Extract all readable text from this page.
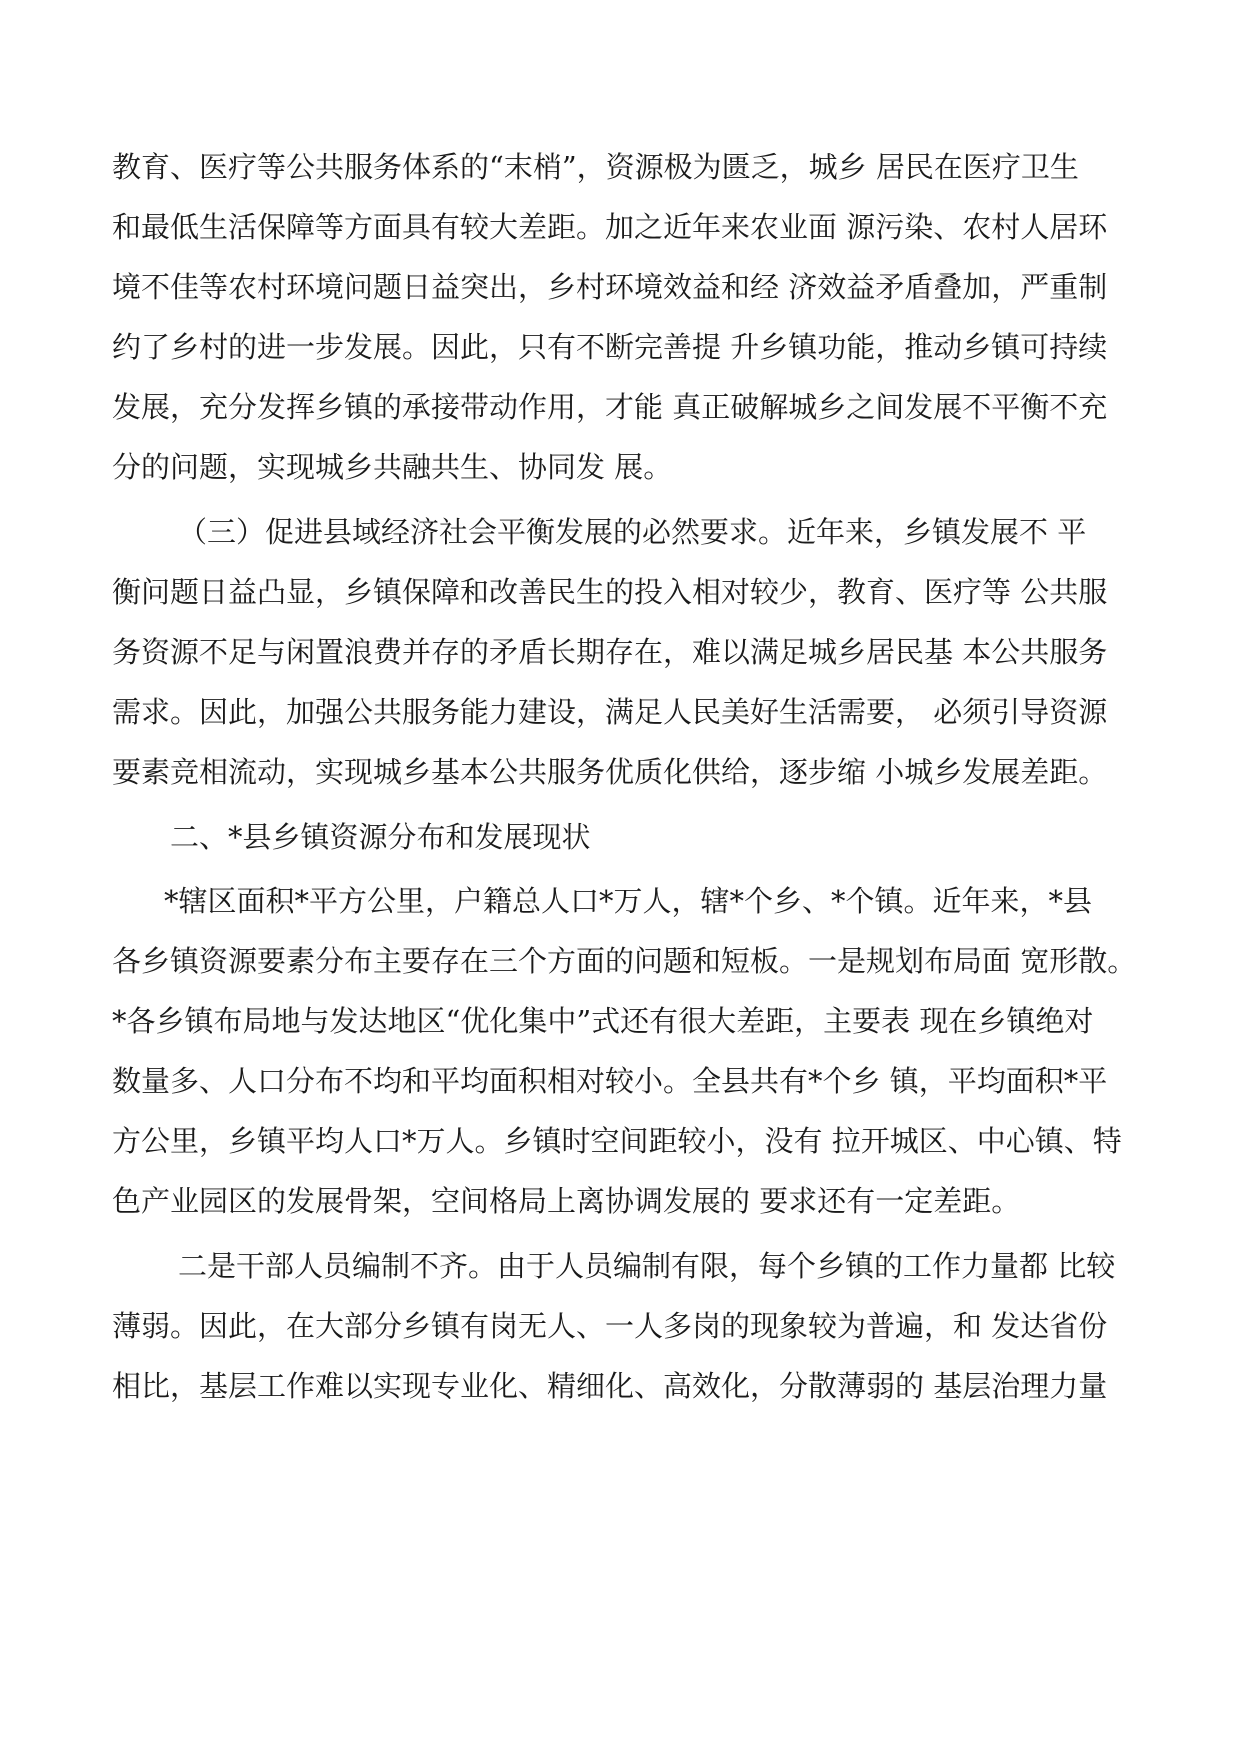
教育、医疗等公共服务体系的“末梢”，资源极为匮乏，城乡 居民在医疗卫生
和最低生活保障等方面具有较大差距。加之近年来农业面 源污染、农村人居环
境不佳等农村环境问题日益突出，乡村环境效益和经 济效益矛盾叠加，严重制
约了乡村的进一步发展。因此，只有不断完善提 升乡镇功能，推动乡镇可持续
发展，充分发挥乡镇的承接带动作用，才能 真正破解城乡之间发展不平衡不充
分的问题，实现城乡共融共生、协同发 展。
（三）促进县域经济社会平衡发展的必然要求。近年来，乡镇发展不 平
衡问题日益凸显，乡镇保障和改善民生的投入相对较少，教育、医疗等 公共服
务资源不足与闲置浪费并存的矛盾长期存在，难以满足城乡居民基 本公共服务
需求。因此，加强公共服务能力建设，满足人民美好生活需要， 必须引导资源
要素竞相流动，实现城乡基本公共服务优质化供给，逐步缩 小城乡发展差距。
二、*县乡镇资源分布和发展现状
*辖区面积*平方公里，户籍总人口*万人，辖*个乡、*个镇。近年来，*县
各乡镇资源要素分布主要存在三个方面的问题和短板。一是规划布局面 宽形散。
*各乡镇布局地与发达地区“优化集中”式还有很大差距，主要表 现在乡镇绝对
数量多、人口分布不均和平均面积相对较小。全县共有*个乡 镇，平均面积*平
方公里，乡镇平均人口*万人。乡镇时空间距较小，没有 拉开城区、中心镇、特
色产业园区的发展骨架，空间格局上离协调发展的 要求还有一定差距。
二是干部人员编制不齐。由于人员编制有限，每个乡镇的工作力量都 比较
薄弱。因此，在大部分乡镇有岗无人、一人多岗的现象较为普遍，和 发达省份
相比，基层工作难以实现专业化、精细化、高效化，分散薄弱的 基层治理力量
